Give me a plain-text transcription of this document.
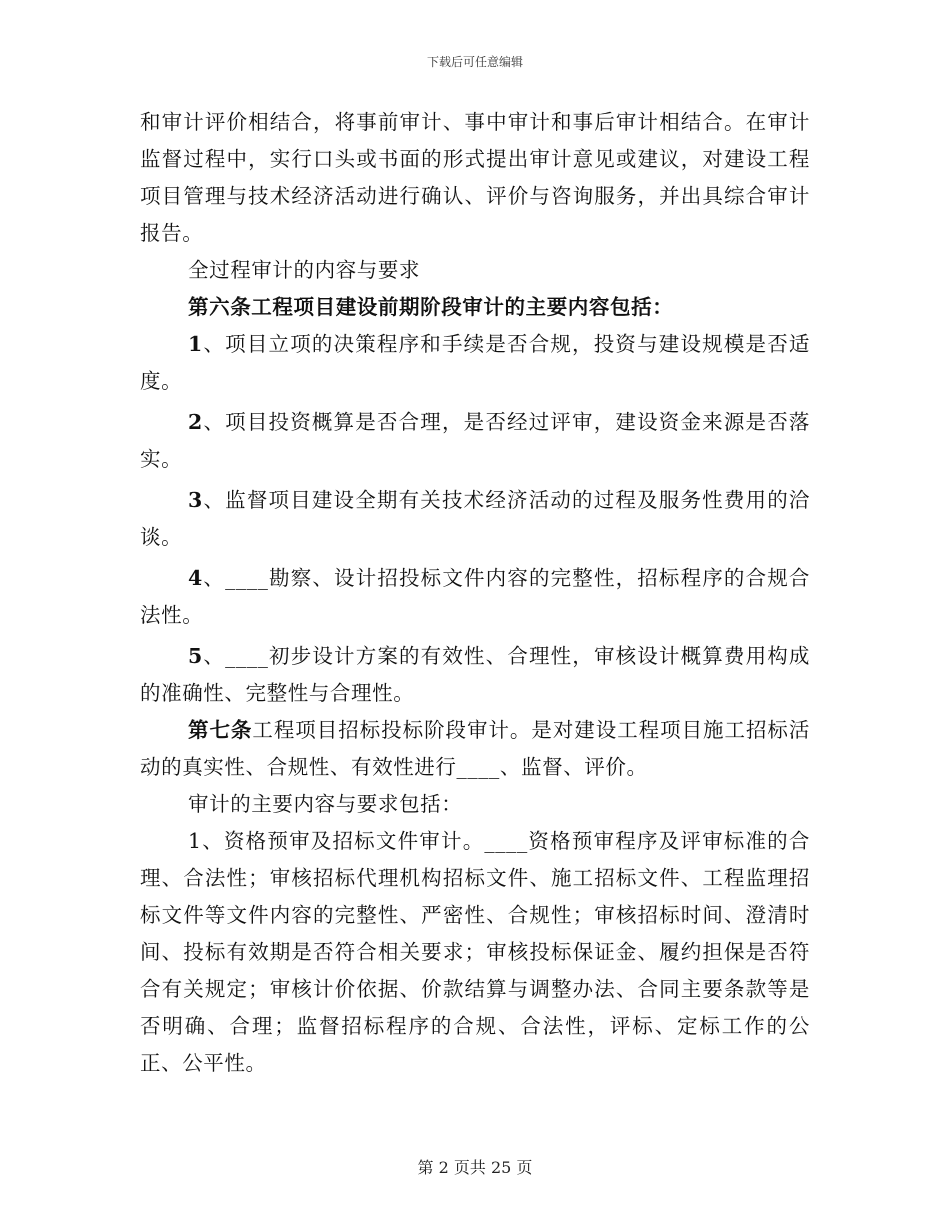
下载后可任意编辑

和审计评价相结合，将事前审计、事中审计和事后审计相结合。在审计监督过程中，实行口头或书面的形式提出审计意见或建议，对建设工程项目管理与技术经济活动进行确认、评价与咨询服务，并出具综合审计报告。

全过程审计的内容与要求

第六条工程项目建设前期阶段审计的主要内容包括：

1、项目立项的决策程序和手续是否合规，投资与建设规模是否适度。

2、项目投资概算是否合理，是否经过评审，建设资金来源是否落实。

3、监督项目建设全期有关技术经济活动的过程及服务性费用的洽谈。

4、____勘察、设计招投标文件内容的完整性，招标程序的合规合法性。

5、____初步设计方案的有效性、合理性，审核设计概算费用构成的准确性、完整性与合理性。

第七条工程项目招标投标阶段审计。是对建设工程项目施工招标活动的真实性、合规性、有效性进行____、监督、评价。

审计的主要内容与要求包括：

1、资格预审及招标文件审计。____资格预审程序及评审标准的合理、合法性；审核招标代理机构招标文件、施工招标文件、工程监理招标文件等文件内容的完整性、严密性、合规性；审核招标时间、澄清时间、投标有效期是否符合相关要求；审核投标保证金、履约担保是否符合有关规定；审核计价依据、价款结算与调整办法、合同主要条款等是否明确、合理；监督招标程序的合规、合法性，评标、定标工作的公正、公平性。

第 2 页共 25 页
